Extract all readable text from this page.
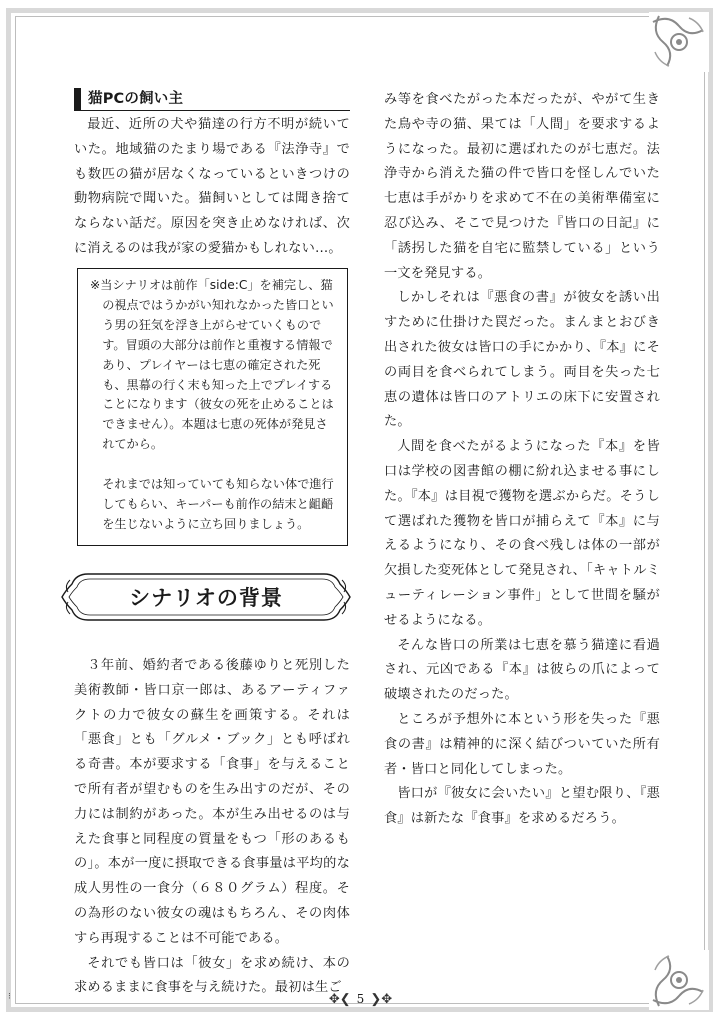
猫PCの飼い主

最近、近所の犬や猫達の行方不明が続いていた。地域猫のたまり場である『法浄寺』でも数匹の猫が居なくなっているといきつけの動物病院で聞いた。猫飼いとしては聞き捨てならない話だ。原因を突き止めなければ、次に消えるのは我が家の愛猫かもしれない…。

※当シナリオは前作「side:C」を補完し、猫の視点ではうかがい知れなかった皆口という男の狂気を浮き上がらせていくものです。冒頭の大部分は前作と重複する情報であり、プレイヤーは七恵の確定された死も、黒幕の行く末も知った上でプレイすることになります（彼女の死を止めることはできません）。本題は七恵の死体が発見されてから。

それまでは知っていても知らない体で進行してもらい、キーパーも前作の結末と齟齬を生じないように立ち回りましょう。

シナリオの背景

３年前、婚約者である後藤ゆりと死別した美術教師・皆口京一郎は、あるアーティファクトの力で彼女の蘇生を画策する。それは「悪食」とも「グルメ・ブック」とも呼ばれる奇書。本が要求する「食事」を与えることで所有者が望むものを生み出すのだが、その力には制約があった。本が生み出せるのは与えた食事と同程度の質量をもつ「形のあるもの」。本が一度に摂取できる食事量は平均的な成人男性の一食分（６８０グラム）程度。その為形のない彼女の魂はもちろん、その肉体すら再現することは不可能である。

それでも皆口は「彼女」を求め続け、本の求めるままに食事を与え続けた。最初は生ご

み等を食べたがった本だったが、やがて生きた鳥や寺の猫、果ては「人間」を要求するようになった。最初に選ばれたのが七恵だ。法浄寺から消えた猫の件で皆口を怪しんでいた七恵は手がかりを求めて不在の美術準備室に忍び込み、そこで見つけた『皆口の日記』に「誘拐した猫を自宅に監禁している」という一文を発見する。

しかしそれは『悪食の書』が彼女を誘い出すために仕掛けた罠だった。まんまとおびき出された彼女は皆口の手にかかり、『本』にその両目を食べられてしまう。両目を失った七恵の遺体は皆口のアトリエの床下に安置された。

人間を食べたがるようになった『本』を皆口は学校の図書館の棚に紛れ込ませる事にした。『本』は目視で獲物を選ぶからだ。そうして選ばれた獲物を皆口が捕らえて『本』に与えるようになり、その食べ残しは体の一部が欠損した変死体として発見され、「キャトルミューティレーション事件」として世間を騒がせるようになる。

そんな皆口の所業は七恵を慕う猫達に看過され、元凶である『本』は彼らの爪によって破壊されたのだった。

ところが予想外に本という形を失った『悪食の書』は精神的に深く結びついていた所有者・皆口と同化してしまった。

皆口が『彼女に会いたい』と望む限り、『悪食』は新たな『食事』を求めるだろう。

✥❮ 5 ❯✥
⁝
